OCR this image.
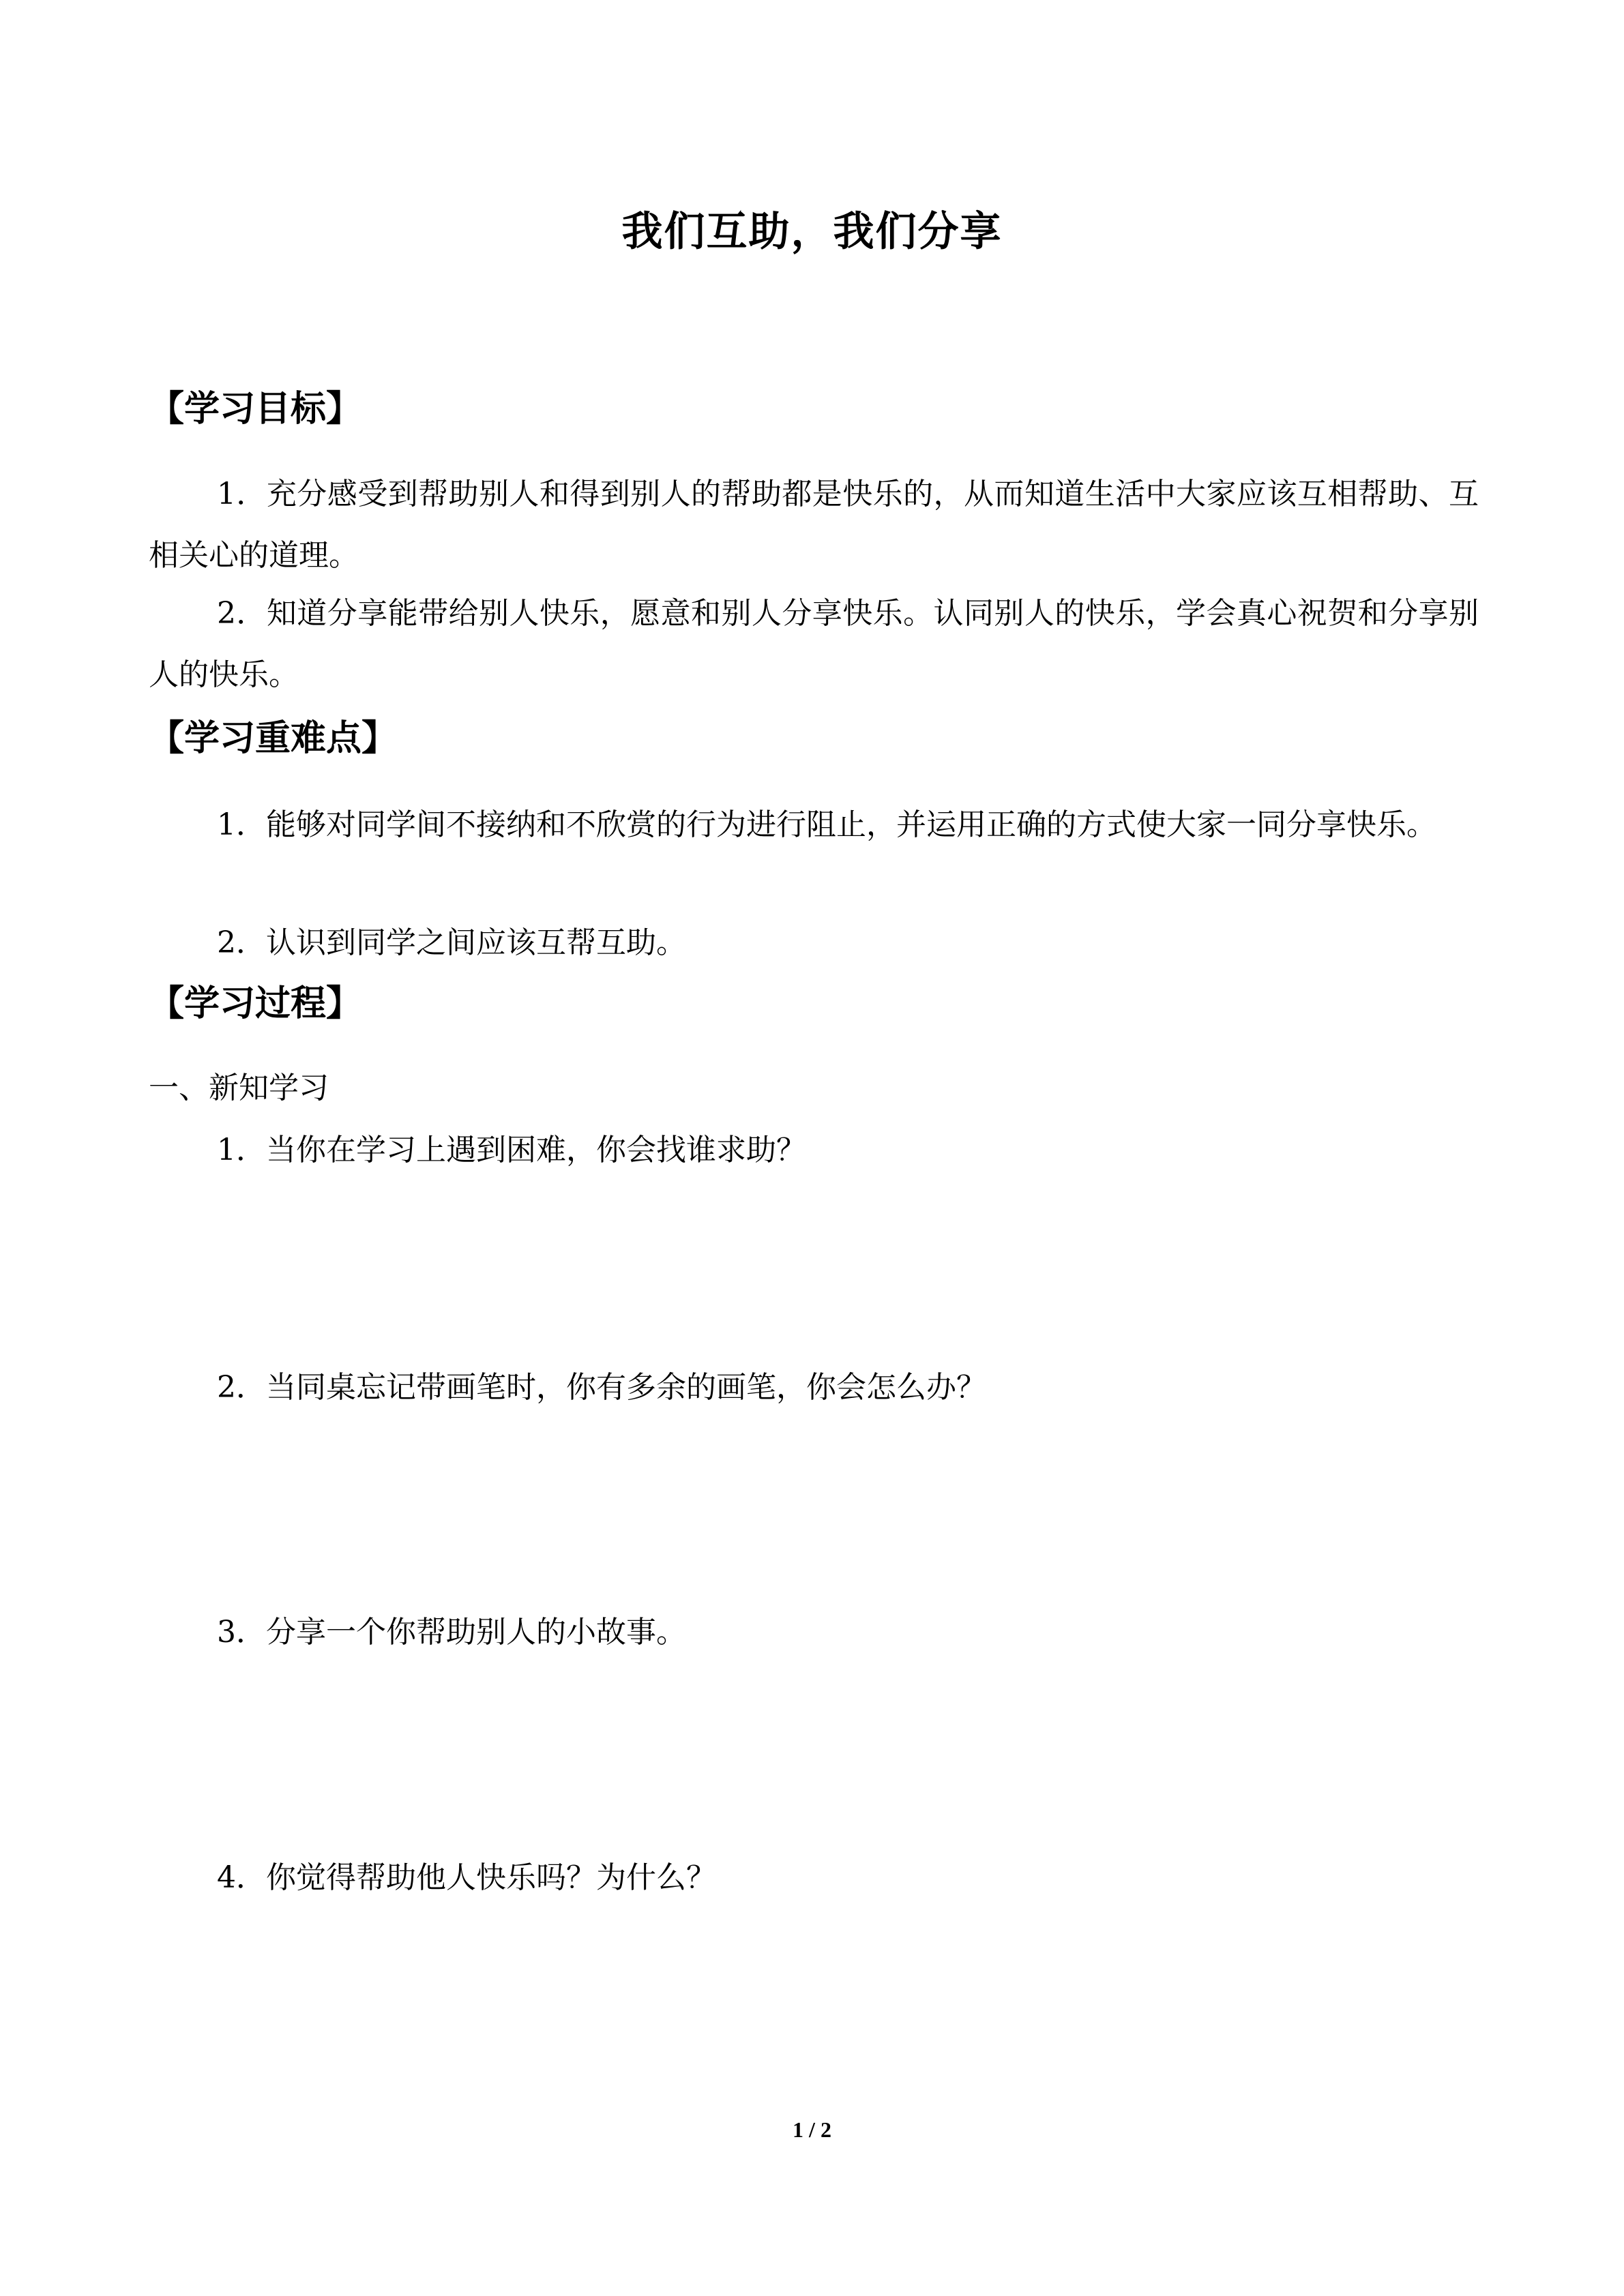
我们互助，我们分享
【学习目标】
1．充分感受到帮助别人和得到别人的帮助都是快乐的，从而知道生活中大家应该互相帮助、互相关心的道理。
2．知道分享能带给别人快乐，愿意和别人分享快乐。认同别人的快乐，学会真心祝贺和分享别人的快乐。
【学习重难点】
1．能够对同学间不接纳和不欣赏的行为进行阻止，并运用正确的方式使大家一同分享快乐。
2．认识到同学之间应该互帮互助。
【学习过程】
一、新知学习
1．当你在学习上遇到困难，你会找谁求助？
2．当同桌忘记带画笔时，你有多余的画笔，你会怎么办？
3．分享一个你帮助别人的小故事。
4．你觉得帮助他人快乐吗？为什么？
1 / 2
